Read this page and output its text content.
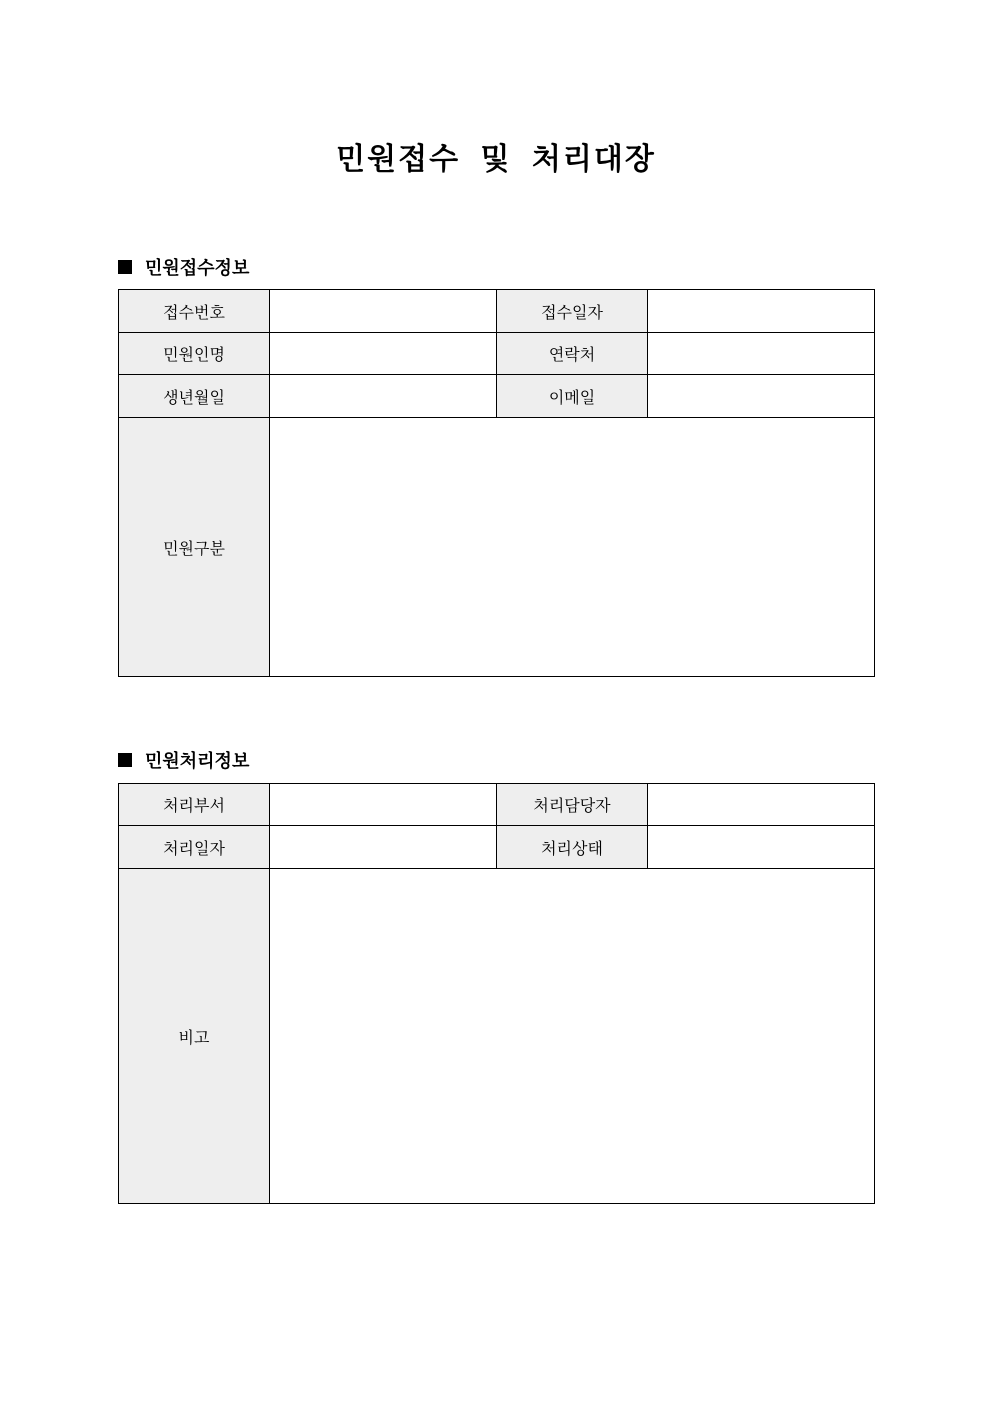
민원접수 및 처리대장
민원접수정보
접수번호		접수일자	
민원인명		연락처	
생년월일		이메일	
민원구분			
민원처리정보
처리부서		처리담당자	
처리일자		처리상태	
비고			
